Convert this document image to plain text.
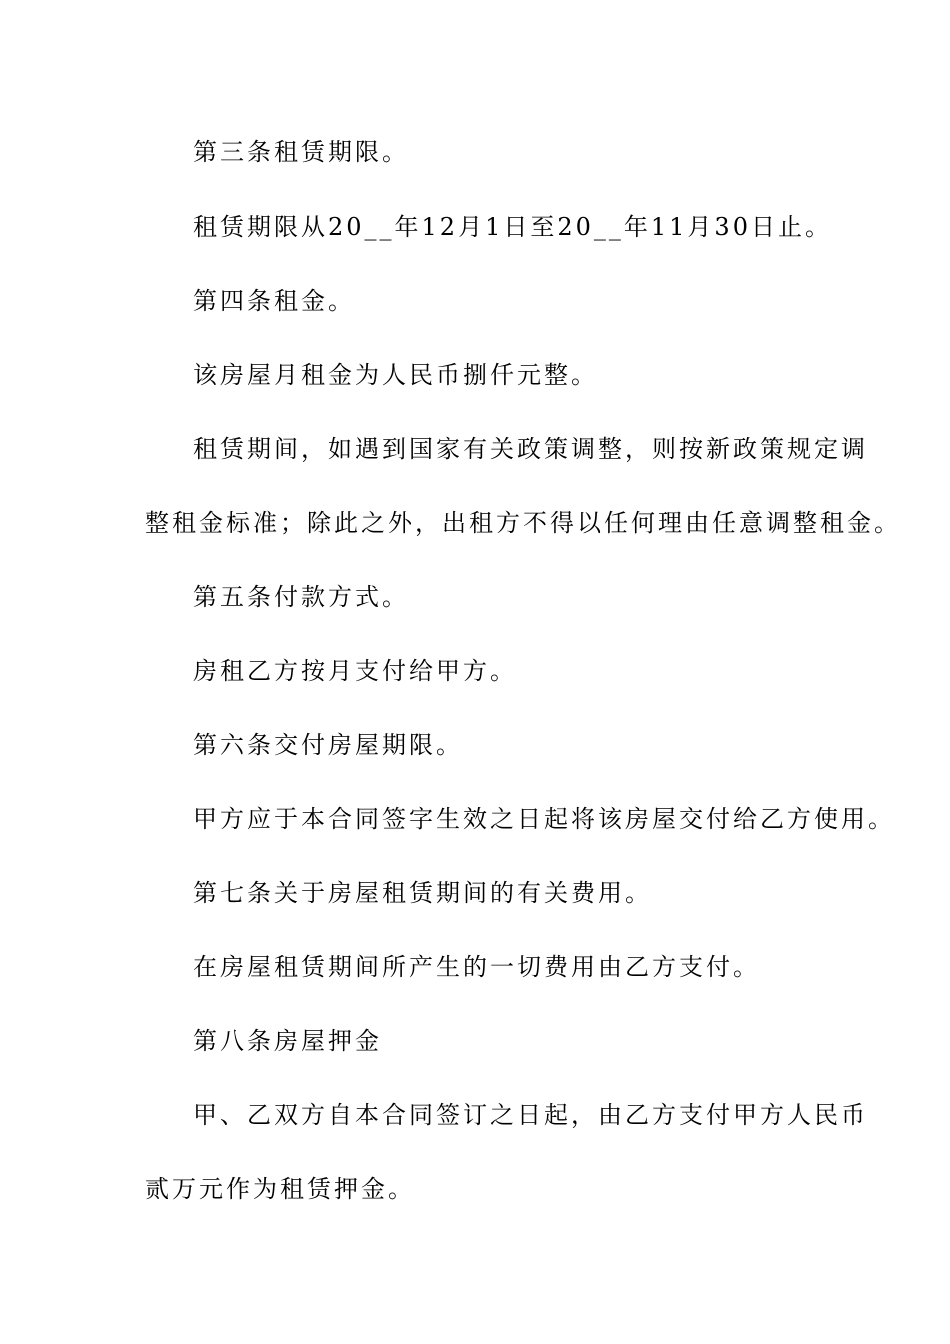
第三条租赁期限。
租赁期限从20__年12月1日至20__年11月30日止。
第四条租金。
该房屋月租金为人民币捌仟元整。
租赁期间，如遇到国家有关政策调整，则按新政策规定调
整租金标准；除此之外，出租方不得以任何理由任意调整租金。
第五条付款方式。
房租乙方按月支付给甲方。
第六条交付房屋期限。
甲方应于本合同签字生效之日起将该房屋交付给乙方使用。
第七条关于房屋租赁期间的有关费用。
在房屋租赁期间所产生的一切费用由乙方支付。
第八条房屋押金
甲、乙双方自本合同签订之日起，由乙方支付甲方人民币
贰万元作为租赁押金。
